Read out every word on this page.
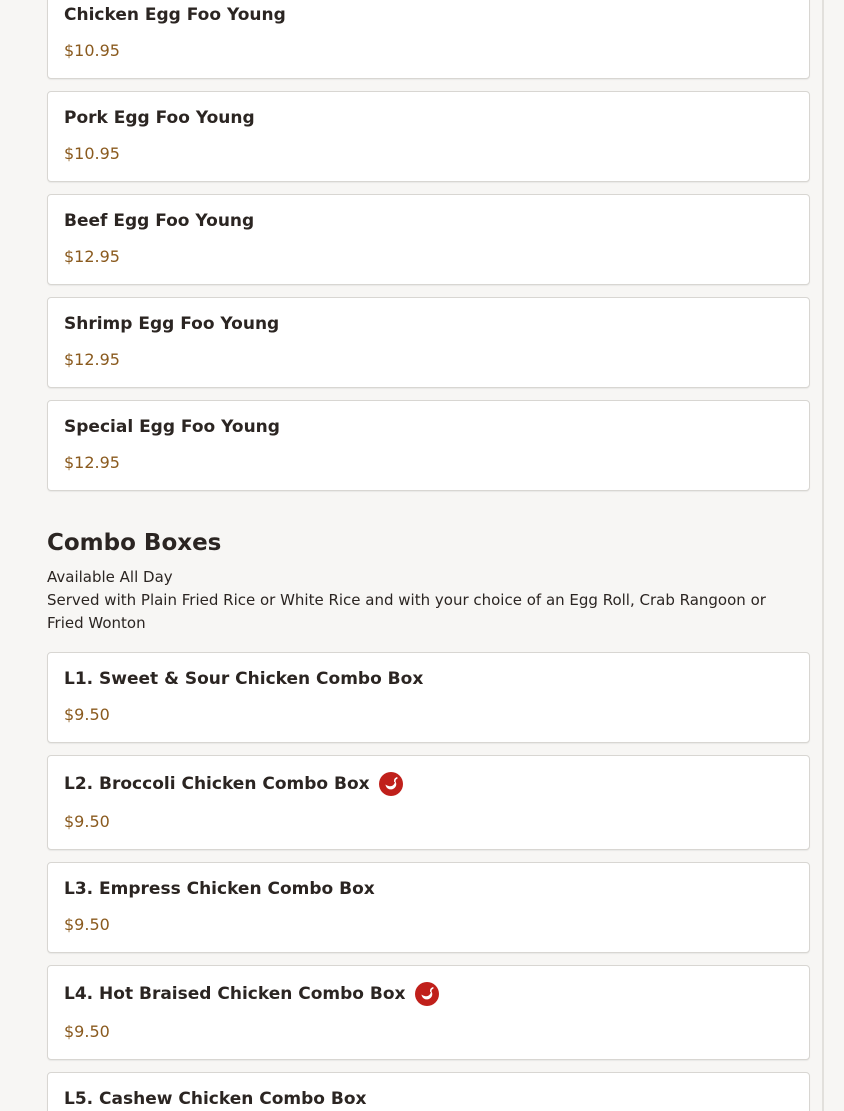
Chicken Egg Foo Young
$10.95
Pork Egg Foo Young
$10.95
Beef Egg Foo Young
$12.95
Shrimp Egg Foo Young
$12.95
Special Egg Foo Young
$12.95
Combo Boxes
Available All Day
Served with Plain Fried Rice or White Rice and with your choice of an Egg Roll, Crab Rangoon or Fried Wonton
L1. Sweet & Sour Chicken Combo Box
$9.50
L2. Broccoli Chicken Combo Box
$9.50
L3. Empress Chicken Combo Box
$9.50
L4. Hot Braised Chicken Combo Box
$9.50
L5. Cashew Chicken Combo Box
